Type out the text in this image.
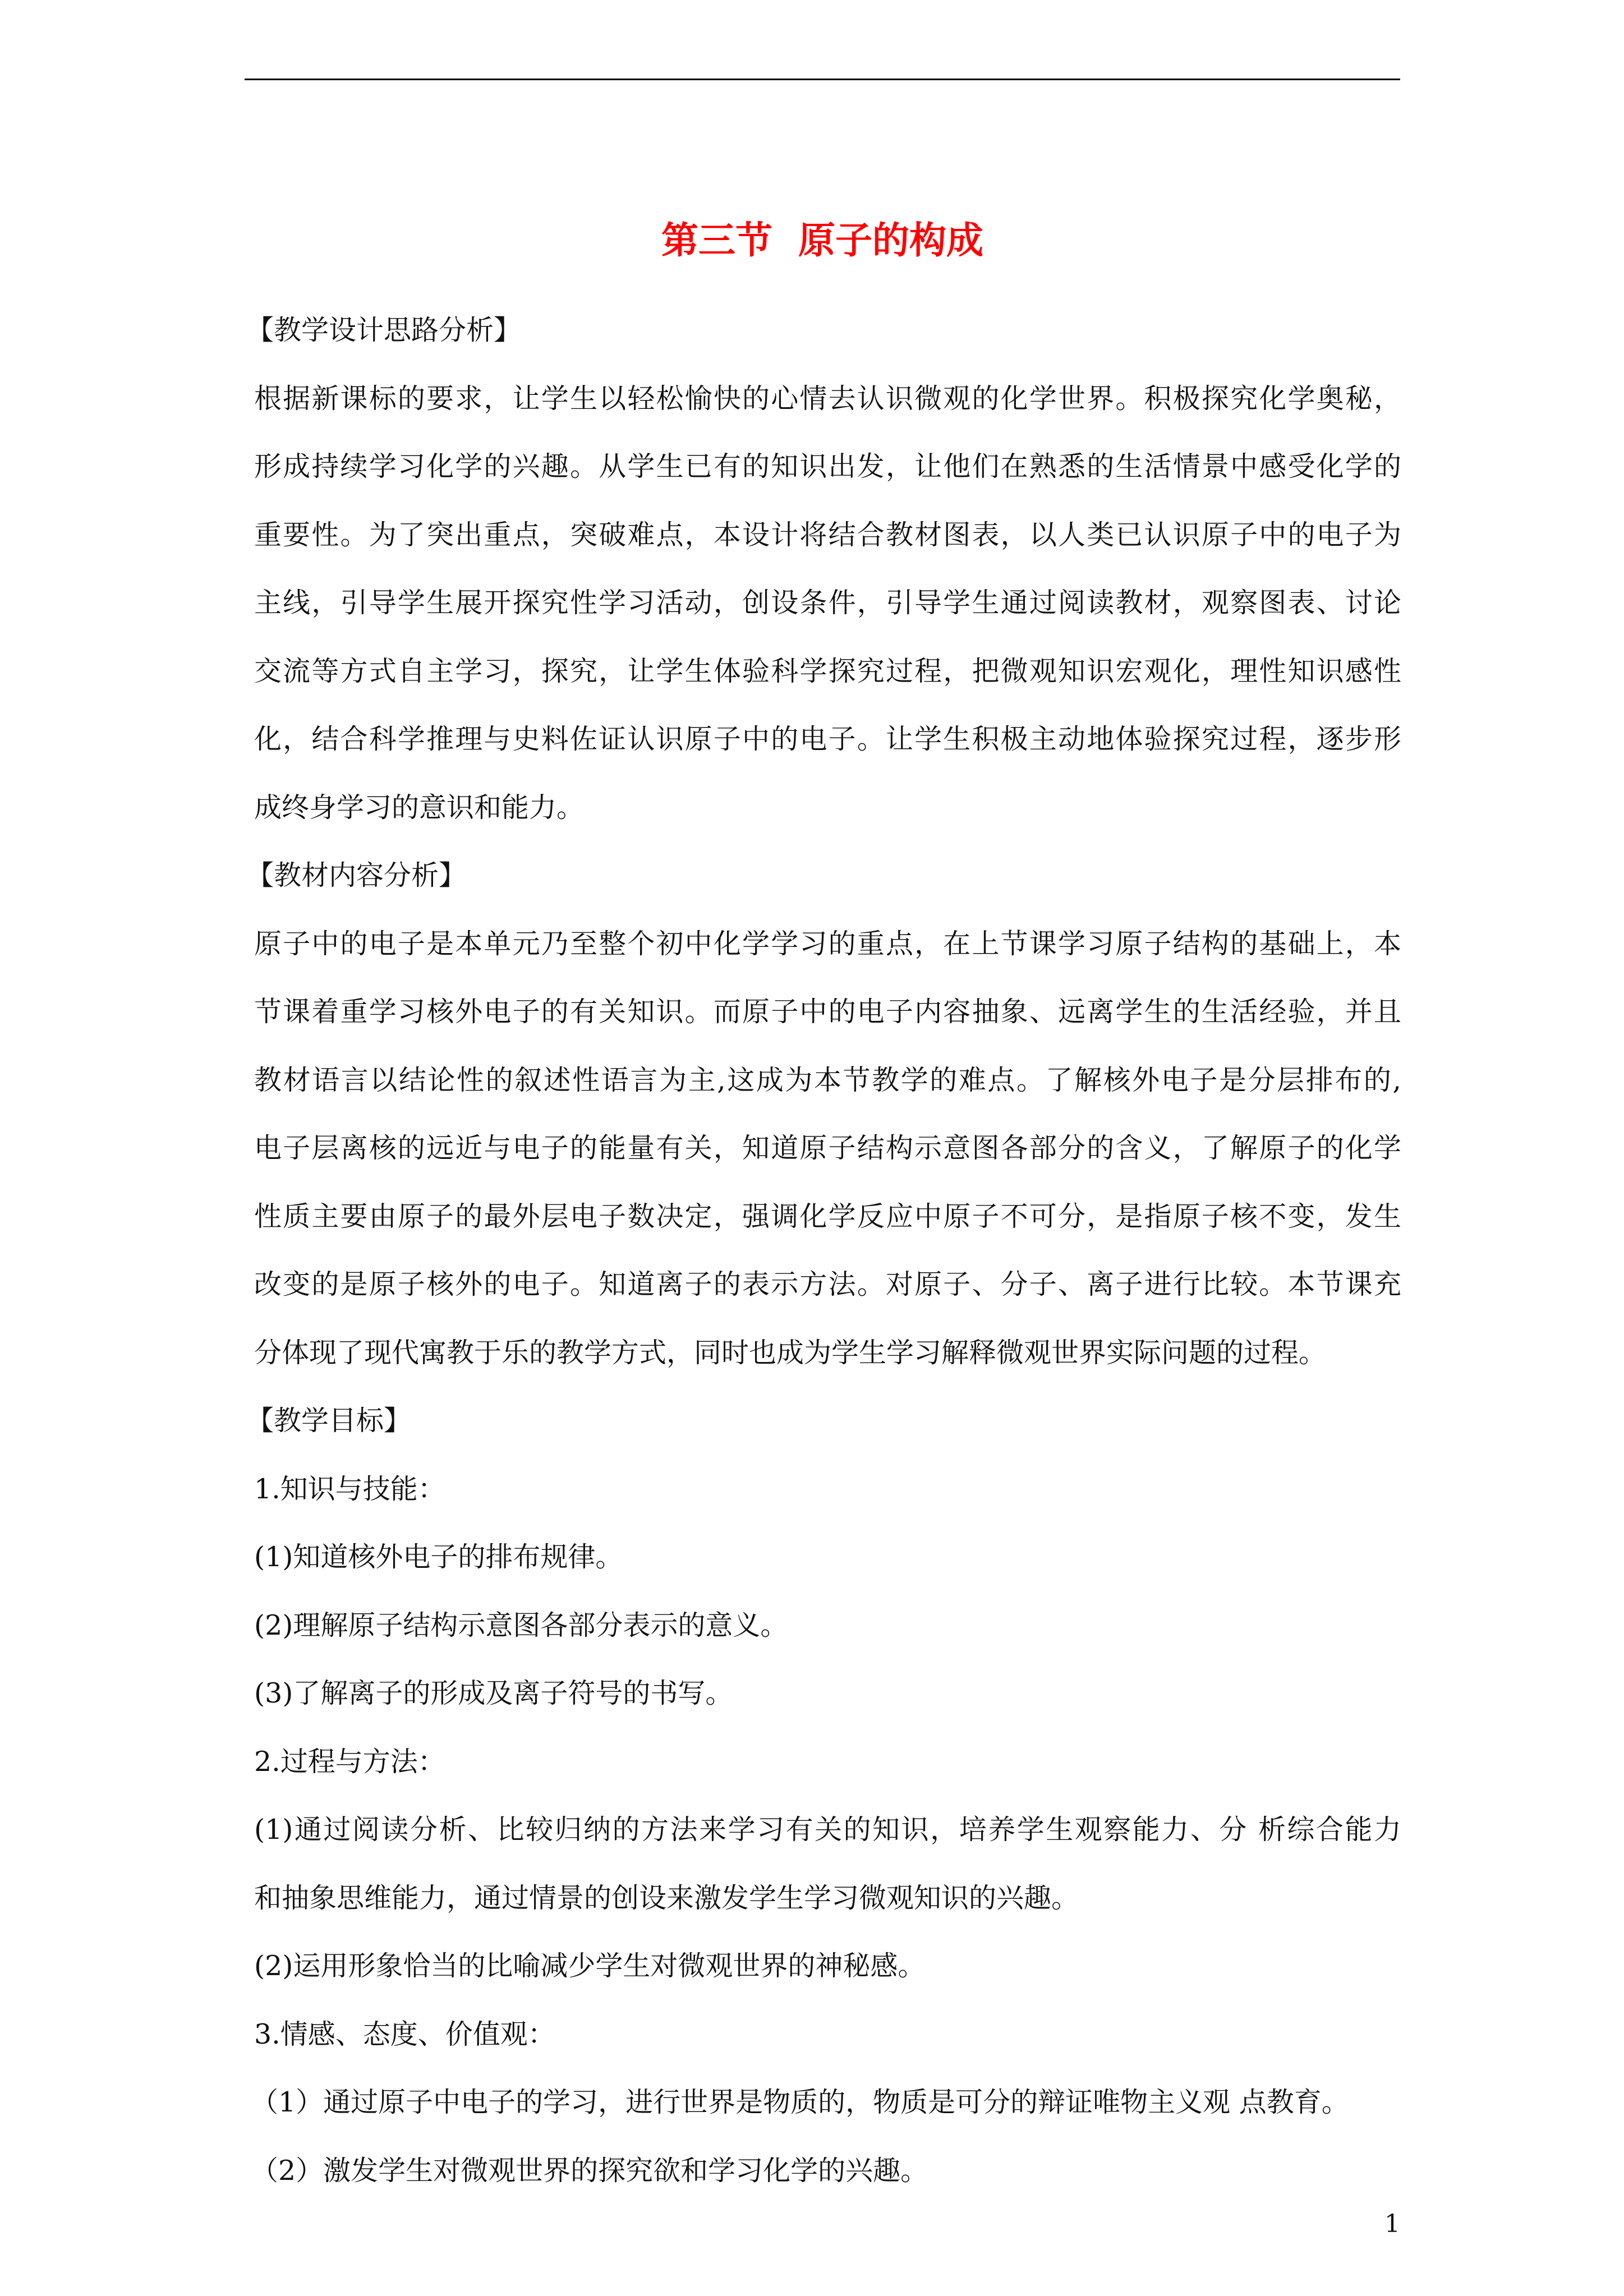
第三节  原子的构成
【教学设计思路分析】
根据新课标的要求，让学生以轻松愉快的心情去认识微观的化学世界。积极探究化学奥秘，
形成持续学习化学的兴趣。从学生已有的知识出发，让他们在熟悉的生活情景中感受化学的
重要性。为了突出重点，突破难点，本设计将结合教材图表，以人类已认识原子中的电子为
主线，引导学生展开探究性学习活动，创设条件，引导学生通过阅读教材，观察图表、讨论
交流等方式自主学习，探究，让学生体验科学探究过程，把微观知识宏观化，理性知识感性
化，结合科学推理与史料佐证认识原子中的电子。让学生积极主动地体验探究过程，逐步形
成终身学习的意识和能力。
【教材内容分析】
原子中的电子是本单元乃至整个初中化学学习的重点，在上节课学习原子结构的基础上，本
节课着重学习核外电子的有关知识。而原子中的电子内容抽象、远离学生的生活经验，并且
教材语言以结论性的叙述性语言为主,这成为本节教学的难点。了解核外电子是分层排布的,
电子层离核的远近与电子的能量有关，知道原子结构示意图各部分的含义，了解原子的化学
性质主要由原子的最外层电子数决定，强调化学反应中原子不可分，是指原子核不变，发生
改变的是原子核外的电子。知道离子的表示方法。对原子、分子、离子进行比较。本节课充
分体现了现代寓教于乐的教学方式，同时也成为学生学习解释微观世界实际问题的过程。
【教学目标】
1.知识与技能：
(1)知道核外电子的排布规律。
(2)理解原子结构示意图各部分表示的意义。
(3)了解离子的形成及离子符号的书写。
2.过程与方法：
(1)通过阅读分析、比较归纳的方法来学习有关的知识，培养学生观察能力、分 析综合能力
和抽象思维能力，通过情景的创设来激发学生学习微观知识的兴趣。
(2)运用形象恰当的比喻减少学生对微观世界的神秘感。
3.情感、态度、价值观：
（1）通过原子中电子的学习，进行世界是物质的，物质是可分的辩证唯物主义观 点教育。
（2）激发学生对微观世界的探究欲和学习化学的兴趣。
1
